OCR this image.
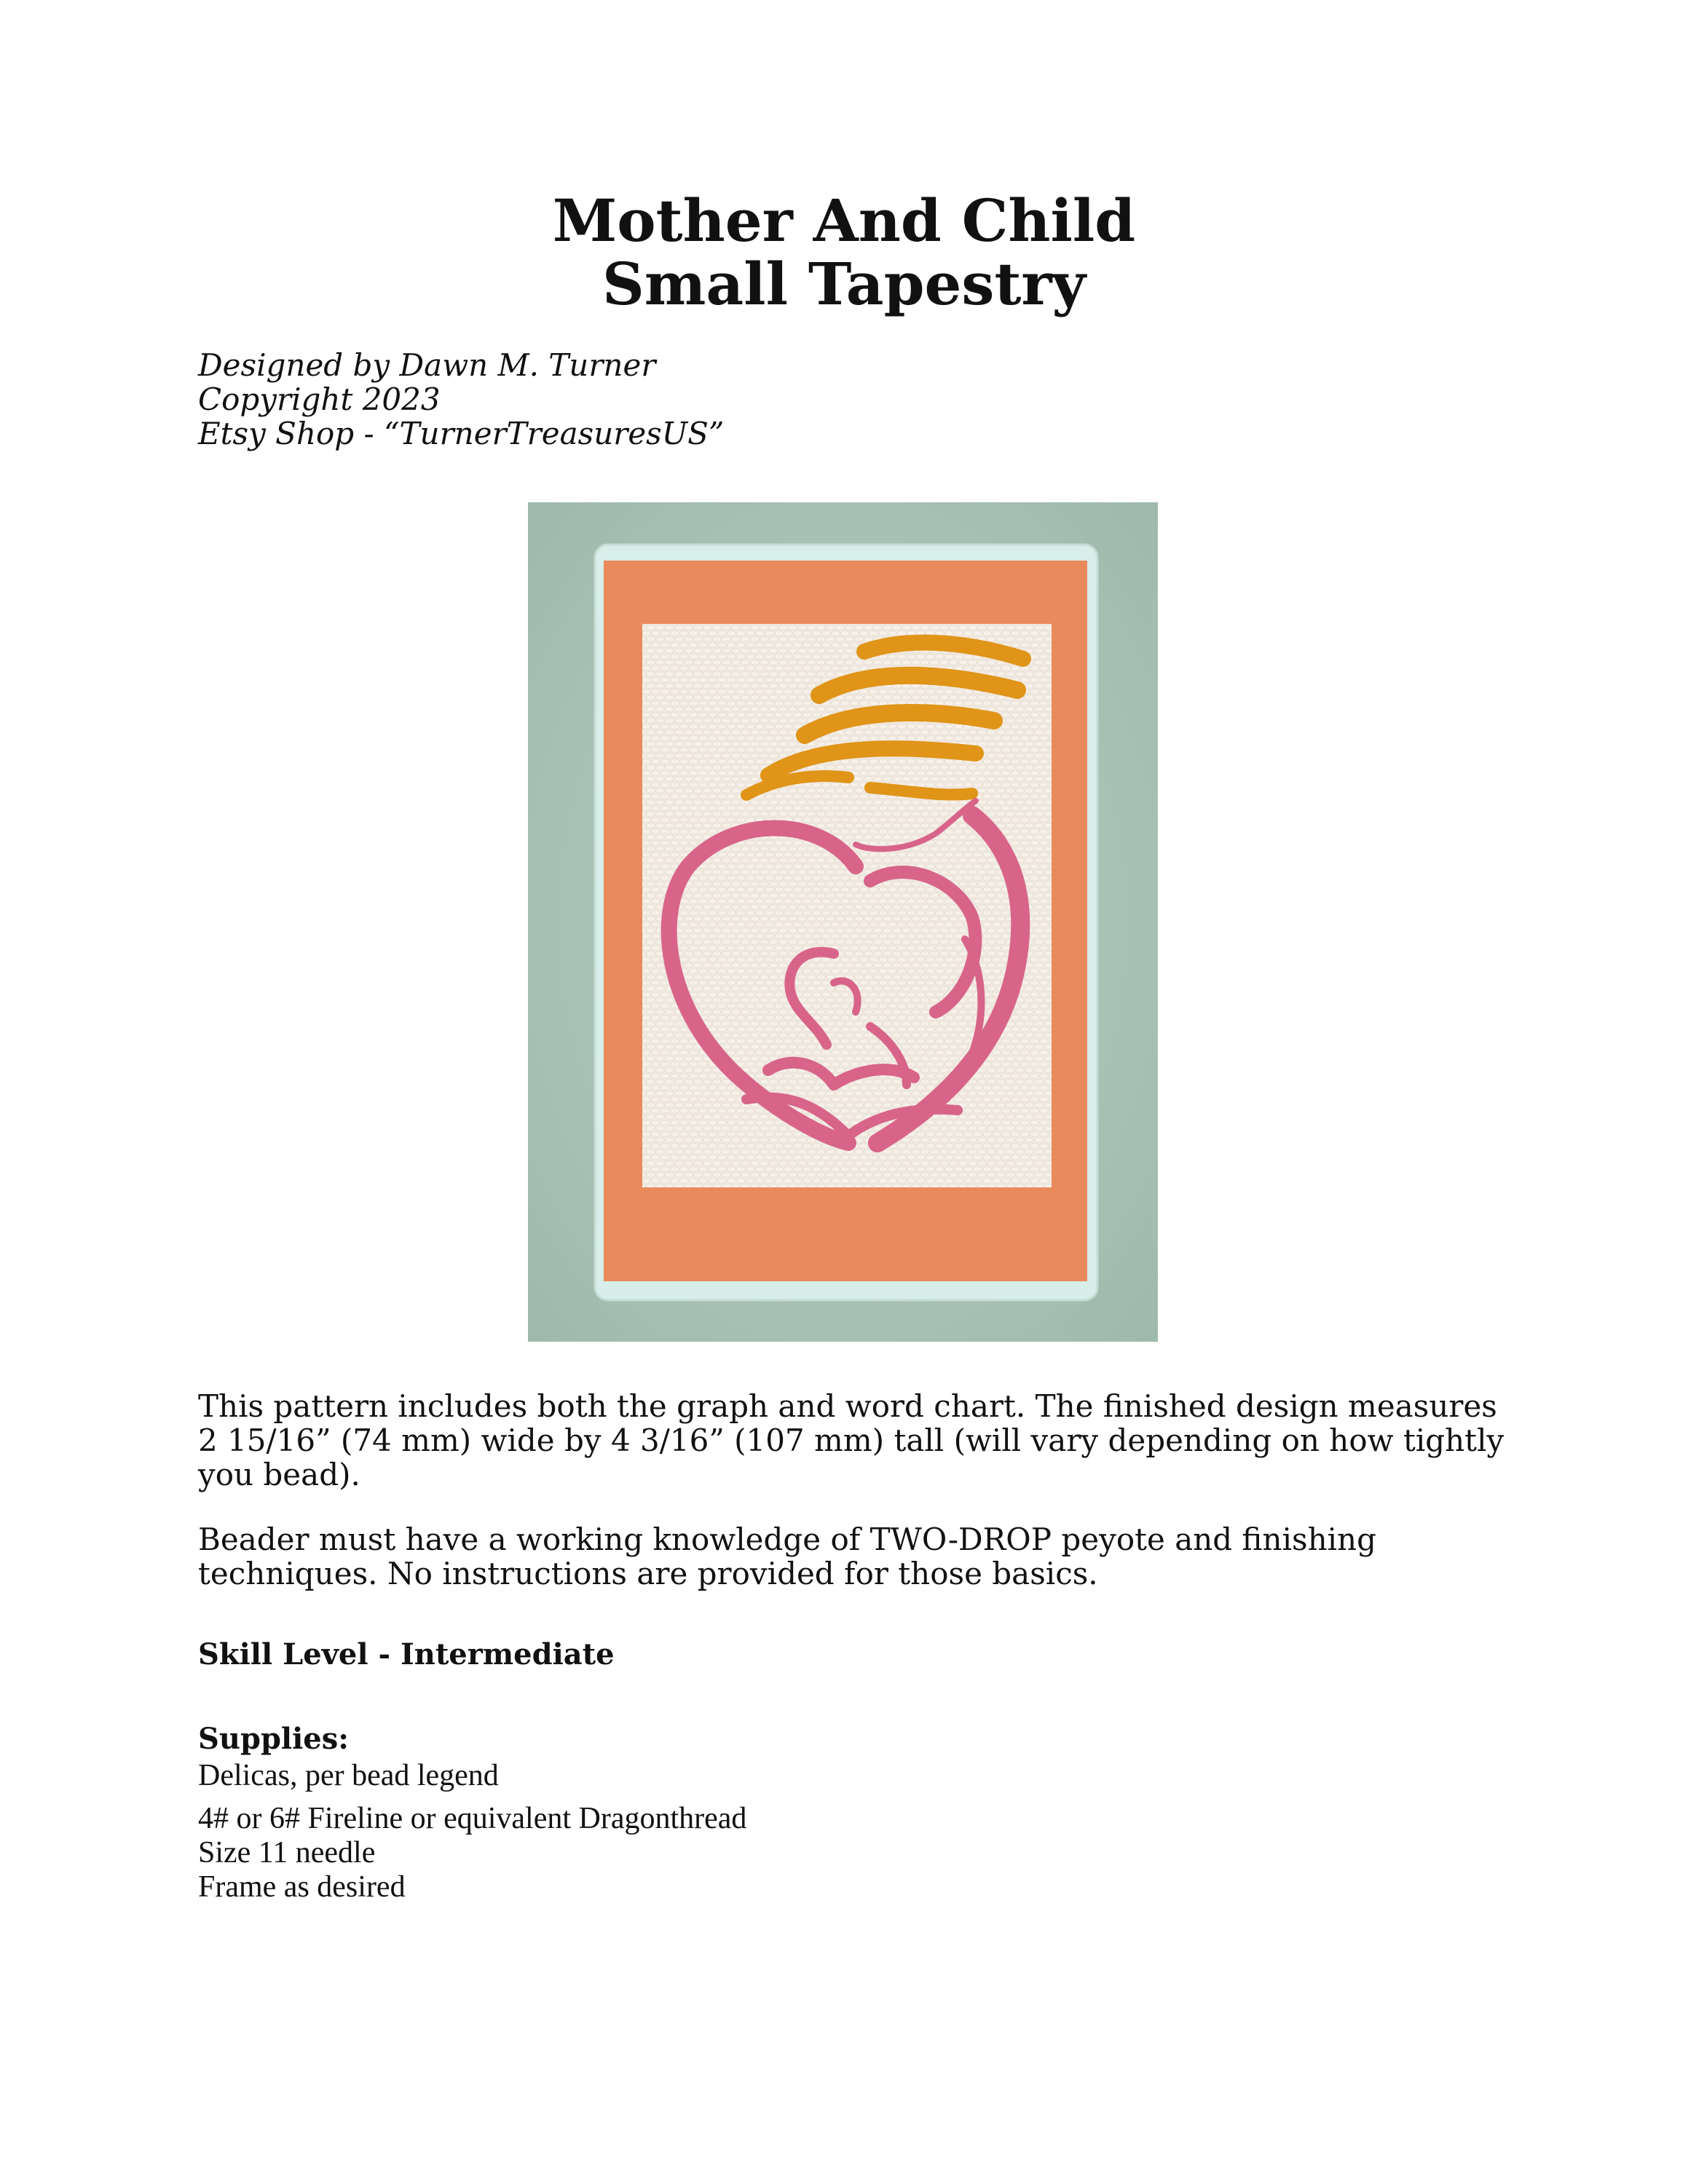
Mother And Child
Small Tapestry
Designed by Dawn M. Turner
Copyright 2023
Etsy Shop - “TurnerTreasuresUS”

This pattern includes both the graph and word chart. The finished design measures 2 15/16” (74 mm) wide by 4 3/16” (107 mm) tall (will vary depending on how tightly you bead).

Beader must have a working knowledge of TWO-DROP peyote and finishing techniques. No instructions are provided for those basics.

Skill Level - Intermediate
Supplies:
Delicas, per bead legend
4# or 6# Fireline or equivalent Dragonthread
Size 11 needle
Frame as desired
